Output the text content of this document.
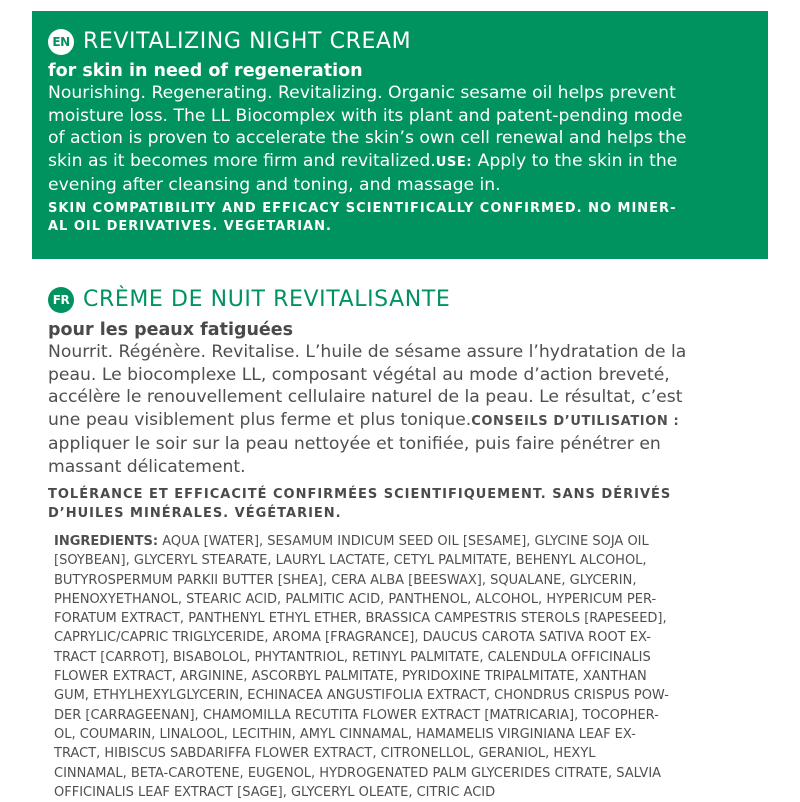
EN REVITALIZING NIGHT CREAM
for skin in need of regeneration
Nourishing. Regenerating. Revitalizing. Organic sesame oil helps prevent
moisture loss. The LL Biocomplex with its plant and patent-pending mode
of action is proven to accelerate the skin’s own cell renewal and helps the
skin as it becomes more firm and revitalized.USE: Apply to the skin in the
evening after cleansing and toning, and massage in.
SKIN COMPATIBILITY AND EFFICACY SCIENTIFICALLY CONFIRMED. NO MINER-
AL OIL DERIVATIVES. VEGETARIAN.
FR CRÈME DE NUIT REVITALISANTE
pour les peaux fatiguées
Nourrit. Régénère. Revitalise. L’huile de sésame assure l’hydratation de la
peau. Le biocomplexe LL, composant végétal au mode d’action breveté,
accélère le renouvellement cellulaire naturel de la peau. Le résultat, c’est
une peau visiblement plus ferme et plus tonique.CONSEILS D’UTILISATION :
appliquer le soir sur la peau nettoyée et tonifiée, puis faire pénétrer en
massant délicatement.
TOLÉRANCE ET EFFICACITÉ CONFIRMÉES SCIENTIFIQUEMENT. SANS DÉRIVÉS
D’HUILES MINÉRALES. VÉGÉTARIEN.
INGREDIENTS: AQUA [WATER], SESAMUM INDICUM SEED OIL [SESAME], GLYCINE SOJA OIL
[SOYBEAN], GLYCERYL STEARATE, LAURYL LACTATE, CETYL PALMITATE, BEHENYL ALCOHOL,
BUTYROSPERMUM PARKII BUTTER [SHEA], CERA ALBA [BEESWAX], SQUALANE, GLYCERIN,
PHENOXYETHANOL, STEARIC ACID, PALMITIC ACID, PANTHENOL, ALCOHOL, HYPERICUM PER-
FORATUM EXTRACT, PANTHENYL ETHYL ETHER, BRASSICA CAMPESTRIS STEROLS [RAPESEED],
CAPRYLIC/CAPRIC TRIGLYCERIDE, AROMA [FRAGRANCE], DAUCUS CAROTA SATIVA ROOT EX-
TRACT [CARROT], BISABOLOL, PHYTANTRIOL, RETINYL PALMITATE, CALENDULA OFFICINALIS
FLOWER EXTRACT, ARGININE, ASCORBYL PALMITATE, PYRIDOXINE TRIPALMITATE, XANTHAN
GUM, ETHYLHEXYLGLYCERIN, ECHINACEA ANGUSTIFOLIA EXTRACT, CHONDRUS CRISPUS POW-
DER [CARRAGEENAN], CHAMOMILLA RECUTITA FLOWER EXTRACT [MATRICARIA], TOCOPHER-
OL, COUMARIN, LINALOOL, LECITHIN, AMYL CINNAMAL, HAMAMELIS VIRGINIANA LEAF EX-
TRACT, HIBISCUS SABDARIFFA FLOWER EXTRACT, CITRONELLOL, GERANIOL, HEXYL
CINNAMAL, BETA-CAROTENE, EUGENOL, HYDROGENATED PALM GLYCERIDES CITRATE, SALVIA
OFFICINALIS LEAF EXTRACT [SAGE], GLYCERYL OLEATE, CITRIC ACID
